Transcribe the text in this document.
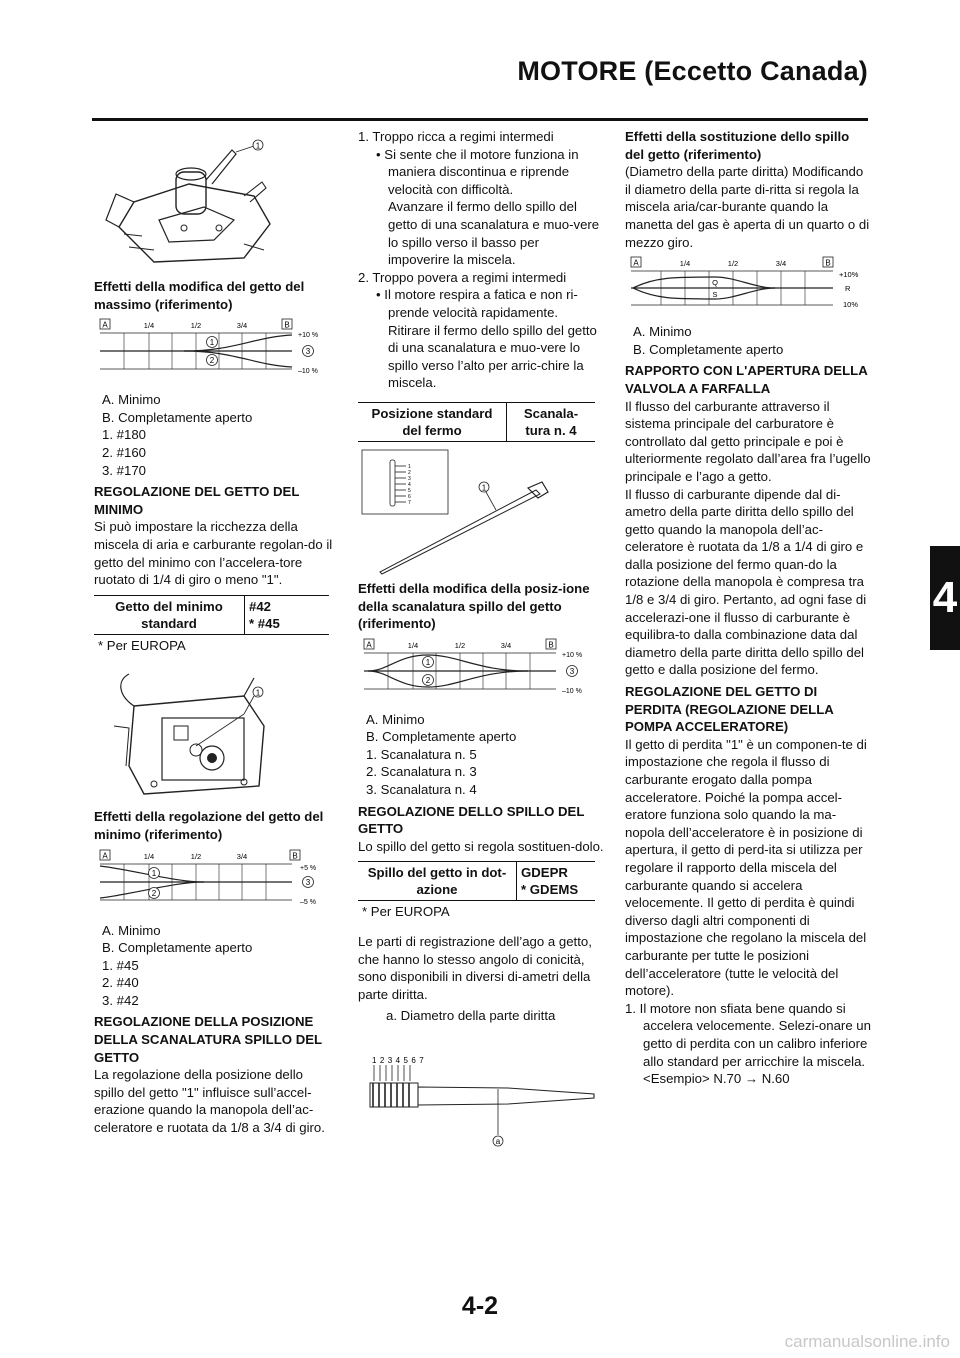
MOTORE (Eccetto Canada)
4
1

Effetti della modifica del getto del massimo (riferimento)

A	B
1/4	1/2	3/4
1
2
3
+10 %
–10 %
A. Minimo
B. Completamente aperto
1. #180
2. #160
3. #170
REGOLAZIONE DEL GETTO DEL MINIMO

Si può impostare la ricchezza della miscela di aria e carburante regolan-do il getto del minimo con l’accelera-tore ruotato di 1/4 di giro o meno "1".

Getto del minimo standard	
#42
* #45
* Per EUROPA
1

Effetti della regolazione del getto del minimo (riferimento)

A	B
1/4	1/2	3/4
1
2
3
+5 %
–5 %
A. Minimo
B. Completamente aperto
1. #45
2. #40
3. #42
REGOLAZIONE DELLA POSIZIONE DELLA SCANALATURA SPILLO DEL GETTO

La regolazione della posizione dello spillo del getto "1" influisce sull’accel-erazione quando la manopola dell’ac-celeratore e ruotata da 1/8 a 3/4 di giro.

1. Troppo ricca a regimi intermedi
• Si sente che il motore funziona in maniera discontinua e riprende velocità con difficoltà.
Avanzare il fermo dello spillo del getto di una scanalatura e muo-vere lo spillo verso il basso per impoverire la miscela.
2. Troppo povera a regimi intermedi
• Il motore respira a fatica e non ri-prende velocità rapidamente.
Ritirare il fermo dello spillo del getto di una scanalatura e muo-vere lo spillo verso l’alto per arric-chire la miscela.
Posizione standard
del fermo

Scanala-
tura n. 4
1
2
3
4
5
6
7
1

Effetti della modifica della posiz-ione della scanalatura spillo del getto (riferimento)

A	B
1/4	1/2	3/4
1
2
3
+10 %
–10 %
A. Minimo
B. Completamente aperto
1. Scanalatura n. 5
2. Scanalatura n. 3
3. Scanalatura n. 4
REGOLAZIONE DELLO SPILLO DEL GETTO

Lo spillo del getto si regola sostituen-dolo.

Spillo del getto in dot-
azione

GDEPR
* GDEMS
* Per EUROPA

Le parti di registrazione dell’ago a getto, che hanno lo stesso angolo di conicità, sono disponibili in diversi di-ametri della parte diritta.

a. Diametro della parte diritta
1 2 3 4 5 6 7
a

Effetti della sostituzione dello spillo del getto (riferimento)

(Diametro della parte diritta) Modificando il diametro della parte di-ritta si regola la miscela aria/car-burante quando la manetta del gas è aperta di un quarto o di mezzo giro.

A	B
1/4	1/2	3/4
Q
S
+10%
R
10%
A. Minimo
B. Completamente aperto
RAPPORTO CON L'APERTURA DELLA VALVOLA A FARFALLA

Il flusso del carburante attraverso il sistema principale del carburatore è controllato dal getto principale e poi è ulteriormente regolato dall’area fra l’ugello principale e l’ago a getto.

Il flusso di carburante dipende dal di-ametro della parte diritta dello spillo del getto quando la manopola dell’ac-celeratore è ruotata da 1/8 a 1/4 di giro e dalla posizione del fermo quan-do la rotazione della manopola è compresa tra 1/8 e 3/4 di giro. Pertanto, ad ogni fase di accelerazi-one il flusso di carburante è equilibra-to dalla combinazione data dal diametro della parte diritta dello spillo del getto e dalla posizione del fermo.

REGOLAZIONE DEL GETTO DI PERDITA (REGOLAZIONE DELLA POMPA ACCELERATORE)

Il getto di perdita "1" è un componen-te di impostazione che regola il flusso di carburante erogato dalla pompa acceleratore. Poiché la pompa accel-eratore funziona solo quando la ma-nopola dell’acceleratore è in posizione di apertura, il getto di perd-ita si utilizza per regolare il rapporto della miscela del carburante quando si accelera velocemente. Il getto di perdita è quindi diverso dagli altri componenti di impostazione che regolano la miscela del carburante per tutte le posizioni dell’acceleratore (tutte le velocità del motore).

1. Il motore non sfiata bene quando si accelera velocemente. Selezi-onare un getto di perdita con un calibro inferiore allo standard per arricchire la miscela. <Esempio> N.70 → N.60
4-2
carmanualsonline.info
